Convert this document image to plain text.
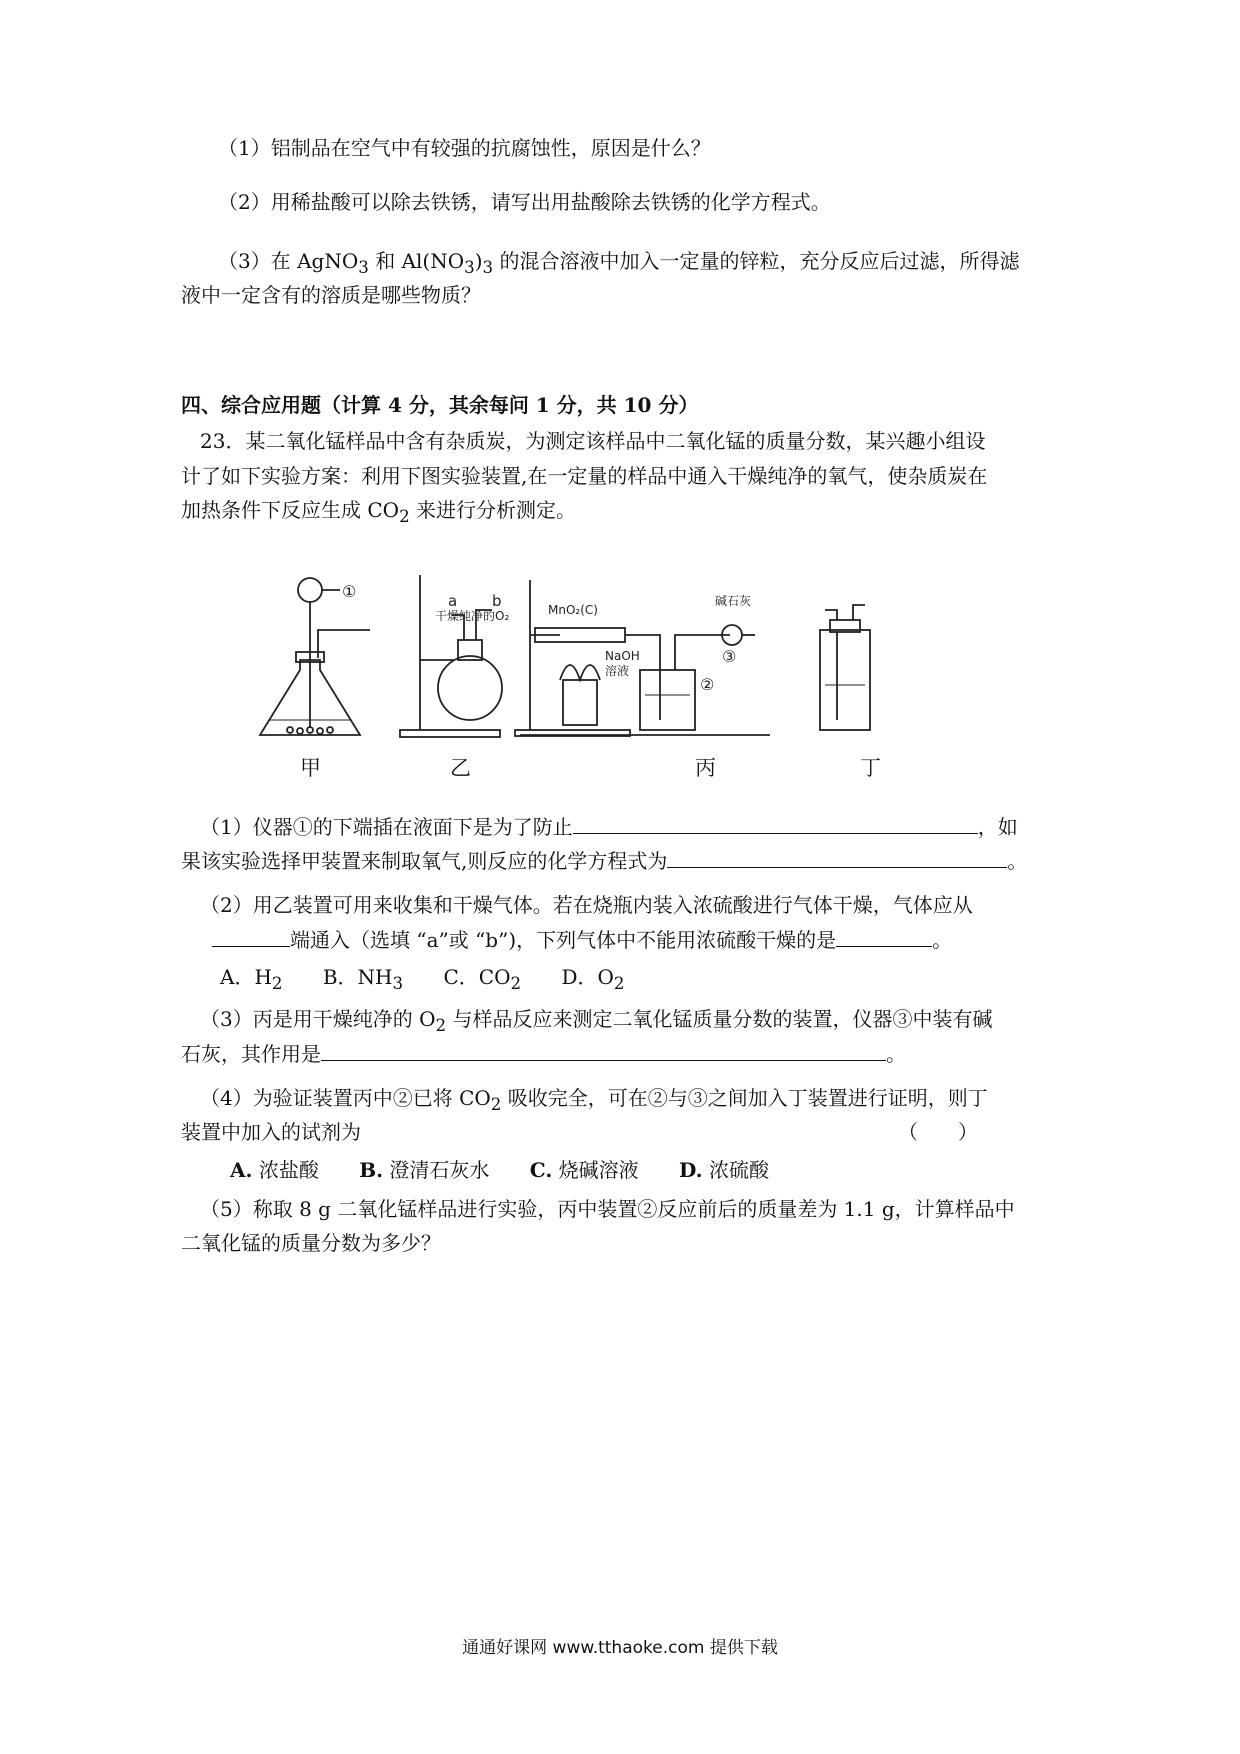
（1）铝制品在空气中有较强的抗腐蚀性，原因是什么？
（2）用稀盐酸可以除去铁锈，请写出用盐酸除去铁锈的化学方程式。
（3）在 AgNO$_3$ 和 $Al(NO_3)_3$ 的混合溶液中加入一定量的锌粒，充分反应后过滤，所得滤
液中一定含有的溶质是哪些物质？
四、综合应用题（计算 4 分，其余每问 1 分，共 10 分）
23．某二氧化锰样品中含有杂质炭，为测定该样品中二氧化锰的质量分数，某兴趣小组设
计了如下实验方案：利用下图实验装置,在一定量的样品中通入干燥纯净的氧气，使杂质炭在
加热条件下反应生成 $CO_2$ 来进行分析测定。
①	a b
干燥纯净的O₂	MnO₂(C)
碱石灰
NaOH
溶液
②
③
甲	乙	丙	丁
（1）仪器①的下端插在液面下是为了防止	，如
果该实验选择甲装置来制取氧气,则反应的化学方程式为	。
（2）用乙装置可用来收集和干燥气体。若在烧瓶内装入浓硫酸进行气体干燥，气体应从
端通入（选填 “a”或 “b”)，下列气体中不能用浓硫酸干燥的是	。
A．$H_2$ B．$NH_3$ C．$CO_2$ D．$O_2$
（3）丙是用干燥纯净的 $O_2$ 与样品反应来测定二氧化锰质量分数的装置，仪器③中装有碱
石灰，其作用是	。
（4）为验证装置丙中②已将 $CO_2$ 吸收完全，可在②与③之间加入丁装置进行证明，则丁
装置中加入的试剂为	（　　）
A. 浓盐酸 B. 澄清石灰水 C. 烧碱溶液 D. 浓硫酸
（5）称取 8 g 二氧化锰样品进行实验，丙中装置②反应前后的质量差为 1.1 g，计算样品中
二氧化锰的质量分数为多少？
通通好课网 www.tthaoke.com 提供下载
